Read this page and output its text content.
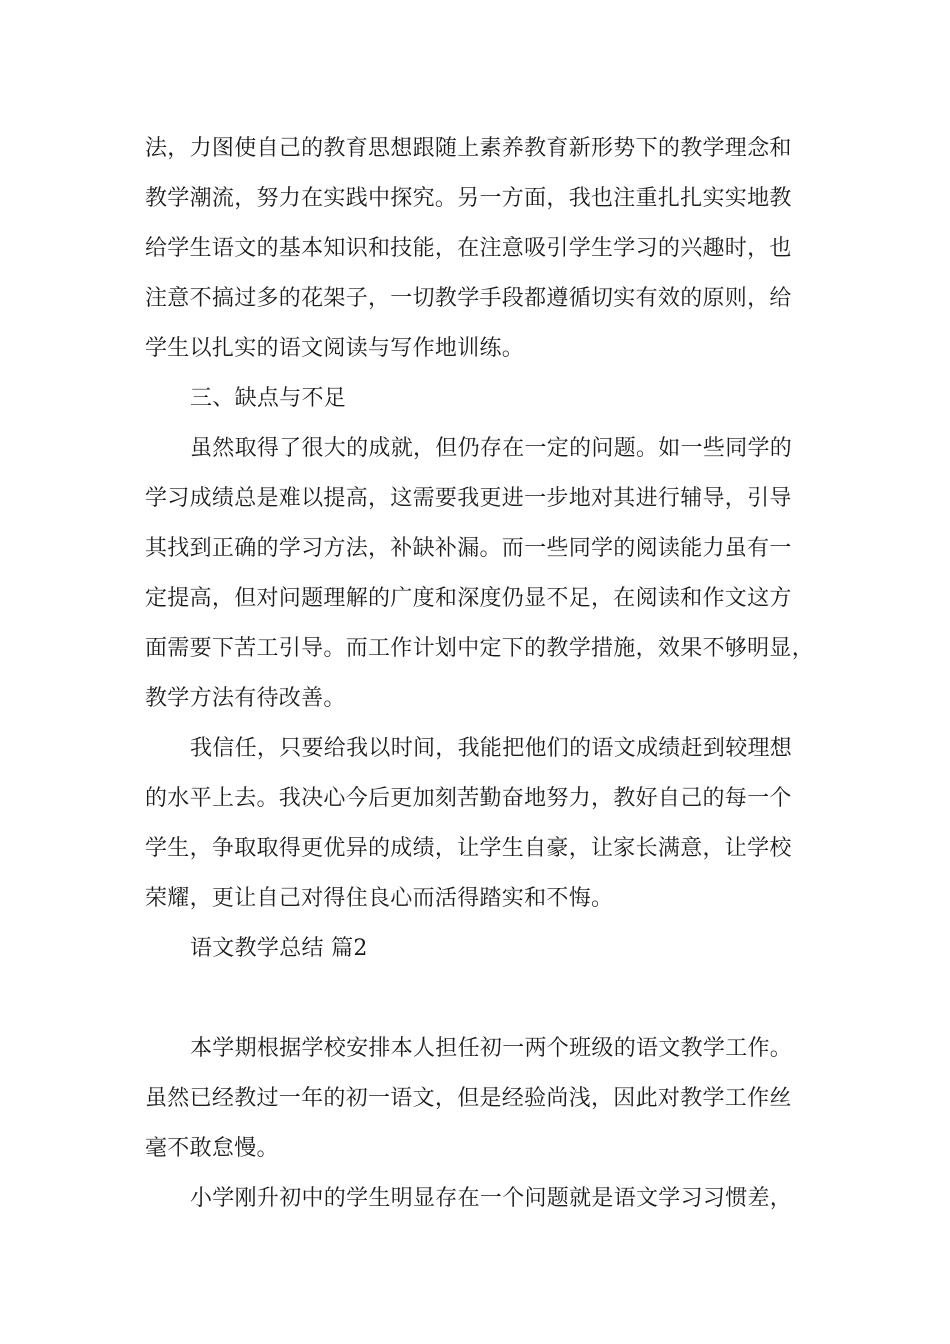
法，力图使自己的教育思想跟随上素养教育新形势下的教学理念和
教学潮流，努力在实践中探究。另一方面，我也注重扎扎实实地教
给学生语文的基本知识和技能，在注意吸引学生学习的兴趣时，也
注意不搞过多的花架子，一切教学手段都遵循切实有效的原则，给
学生以扎实的语文阅读与写作地训练。
三、缺点与不足
虽然取得了很大的成就，但仍存在一定的问题。如一些同学的
学习成绩总是难以提高，这需要我更进一步地对其进行辅导，引导
其找到正确的学习方法，补缺补漏。而一些同学的阅读能力虽有一
定提高，但对问题理解的广度和深度仍显不足，在阅读和作文这方
面需要下苦工引导。而工作计划中定下的教学措施，效果不够明显，
教学方法有待改善。
我信任，只要给我以时间，我能把他们的语文成绩赶到较理想
的水平上去。我决心今后更加刻苦勤奋地努力，教好自己的每一个
学生，争取取得更优异的成绩，让学生自豪，让家长满意，让学校
荣耀，更让自己对得住良心而活得踏实和不悔。
语文教学总结 篇2
本学期根据学校安排本人担任初一两个班级的语文教学工作。
虽然已经教过一年的初一语文，但是经验尚浅，因此对教学工作丝
毫不敢怠慢。
小学刚升初中的学生明显存在一个问题就是语文学习习惯差，
